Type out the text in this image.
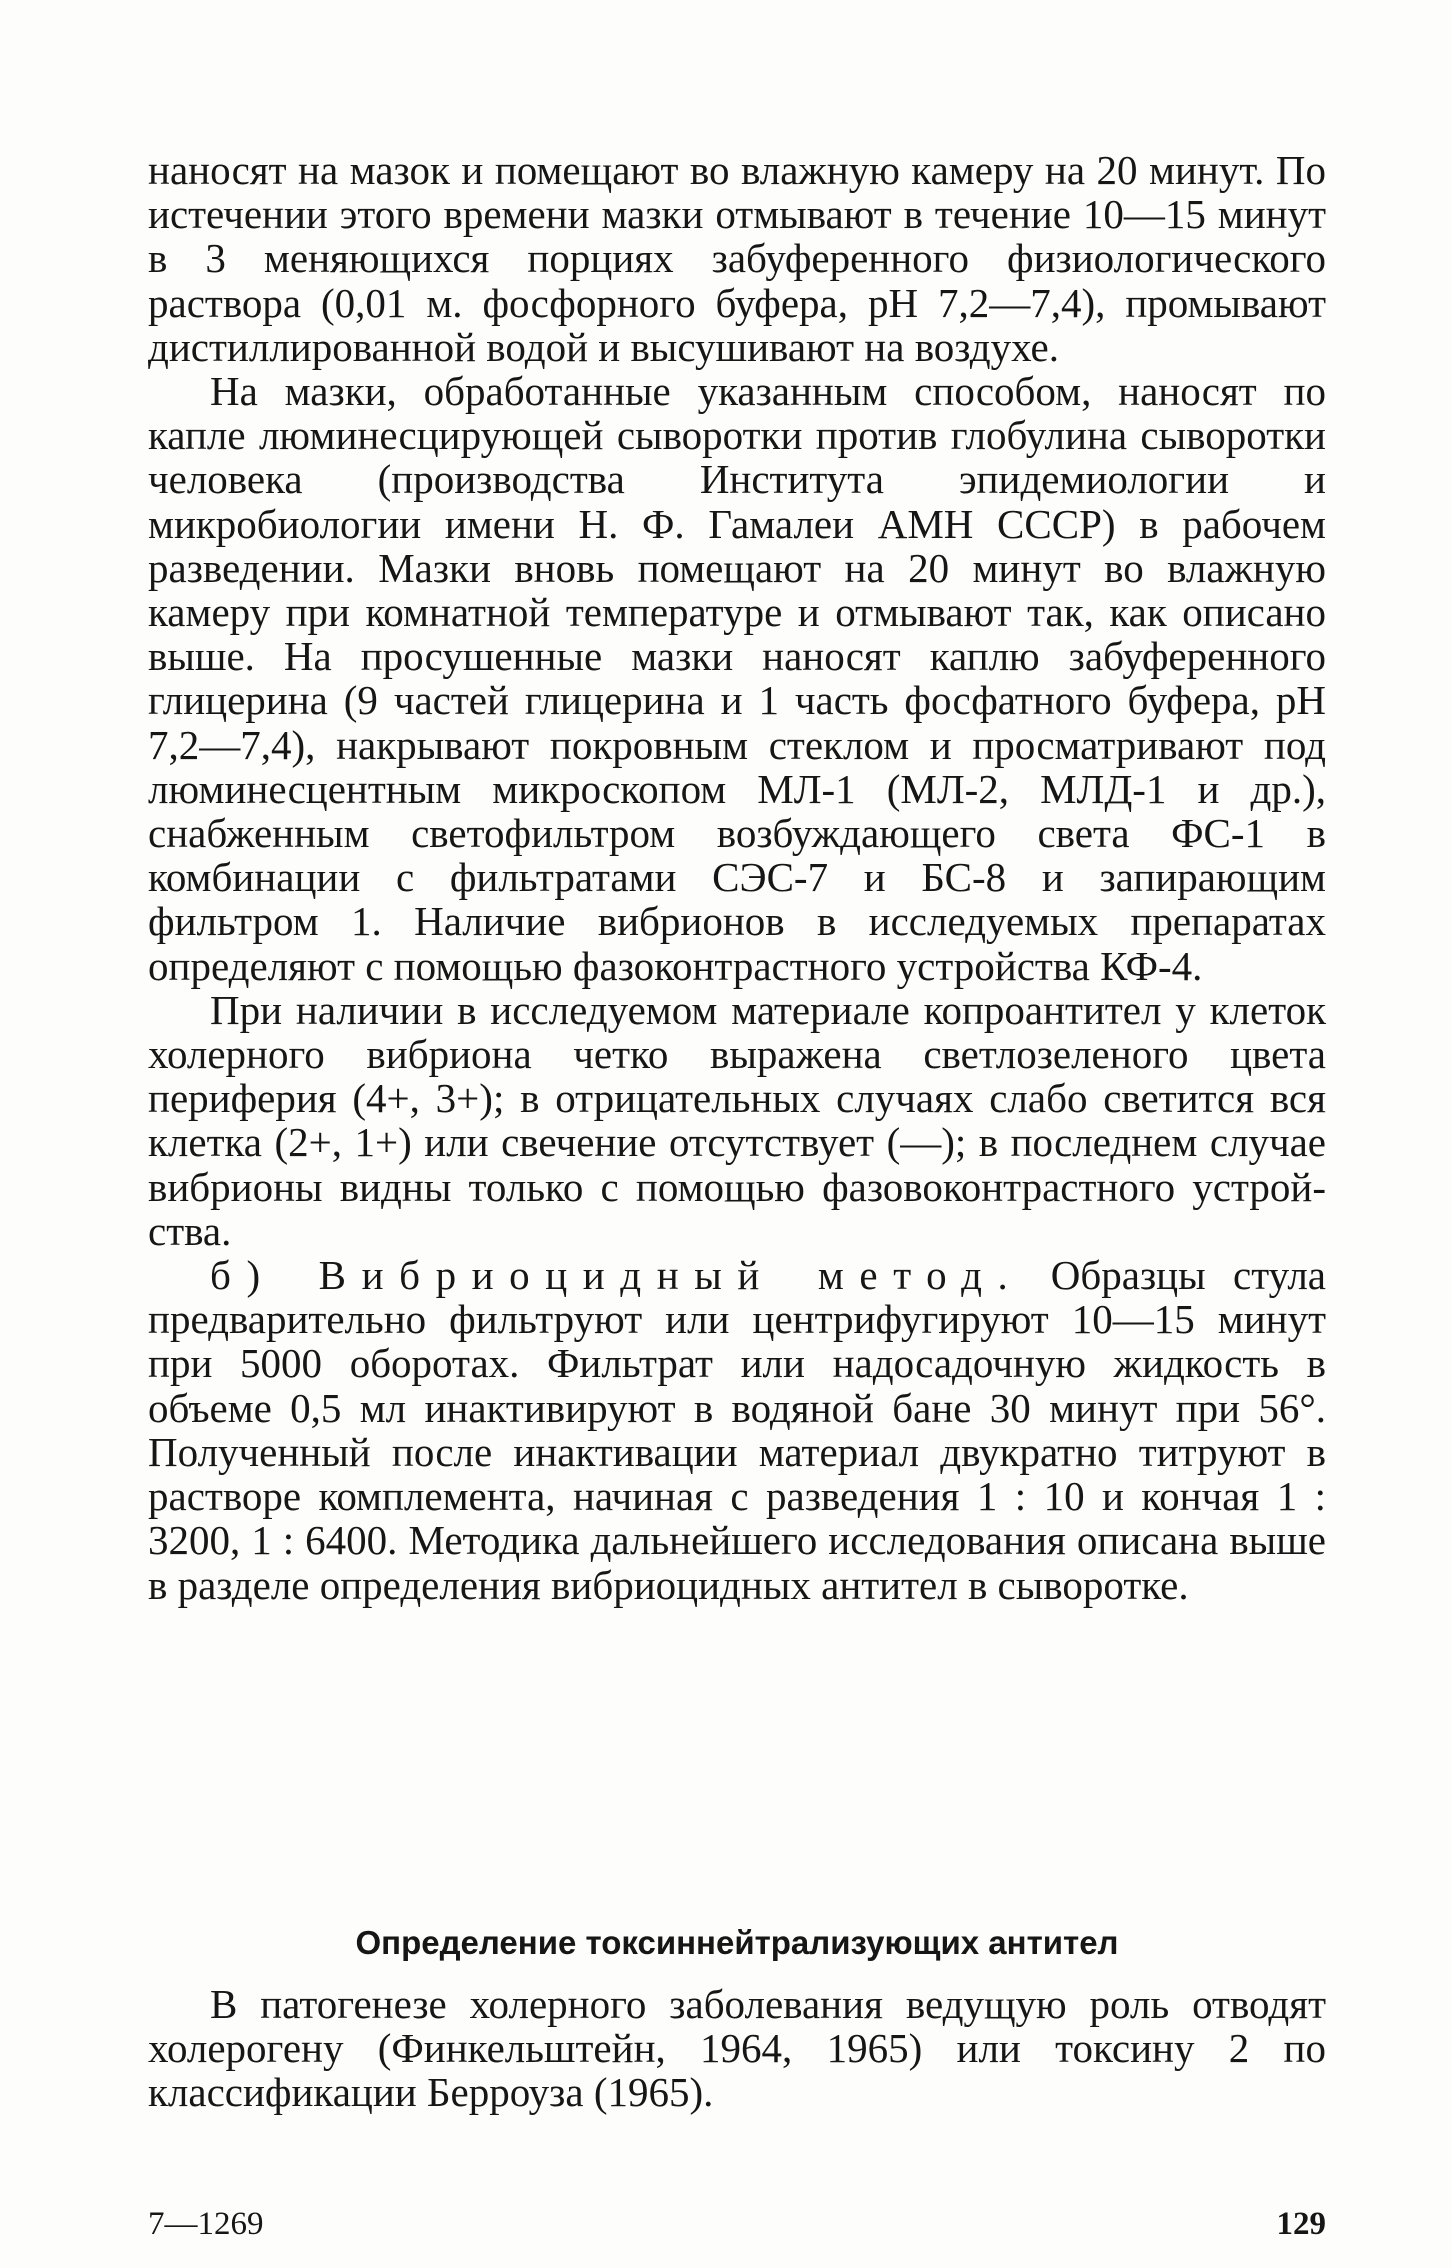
наносят на мазок и помещают во влажную камеру на 20 минут. По истечении этого времени мазки отмывают в течение 10—15 минут в 3 меняющихся порциях забуференного физиологического раствора (0,01 м. фосфорного буфера, рН 7,2—7,4), промывают дистиллированной водой и высушивают на воздухе.

На мазки, обработанные указанным способом, наносят по капле люминесцирующей сыворотки против глобулина сыворотки человека (производства Института эпидемиологии и микробиологии имени Н. Ф. Гамалеи АМН СССР) в рабочем разведении. Мазки вновь помещают на 20 минут во влажную камеру при комнатной температуре и отмывают так, как описано выше. На просушенные мазки наносят каплю забуференного глицерина (9 частей глицерина и 1 часть фосфатного буфера, рН 7,2—7,4), накрывают покровным стеклом и просматривают под люминесцентным микроскопом МЛ-1 (МЛ-2, МЛД-1 и др.), снабженным светофильтром возбуждающего света ФС-1 в комбинации с фильтратами СЭС-7 и БС-8 и запирающим фильтром 1. Наличие вибрионов в исследуемых препаратах определяют с помощью фазоконтрастного устройства КФ-4.

При наличии в исследуемом материале копроантител у клеток холерного вибриона четко выражена светлозеленого цвета периферия (4+, 3+); в отрицательных случаях слабо светится вся клетка (2+, 1+) или свечение отсутствует (—); в последнем случае вибрионы видны только с помощью фазовоконтрастного устройства.

б) Вибриоцидный метод. Образцы стула предварительно фильтруют или центрифугируют 10—15 минут при 5000 оборотах. Фильтрат или надосадочную жидкость в объеме 0,5 мл инактивируют в водяной бане 30 минут при 56°. Полученный после инактивации материал двукратно титруют в растворе комплемента, начиная с разведения 1 : 10 и кончая 1 : 3200, 1 : 6400. Методика дальнейшего исследования описана выше в разделе определения вибриоцидных антител в сыворотке.

Определение токсиннейтрализующих антител

В патогенезе холерного заболевания ведущую роль отводят холерогену (Финкельштейн, 1964, 1965) или токсину 2 по классификации Берроуза (1965).

7—1269	129
